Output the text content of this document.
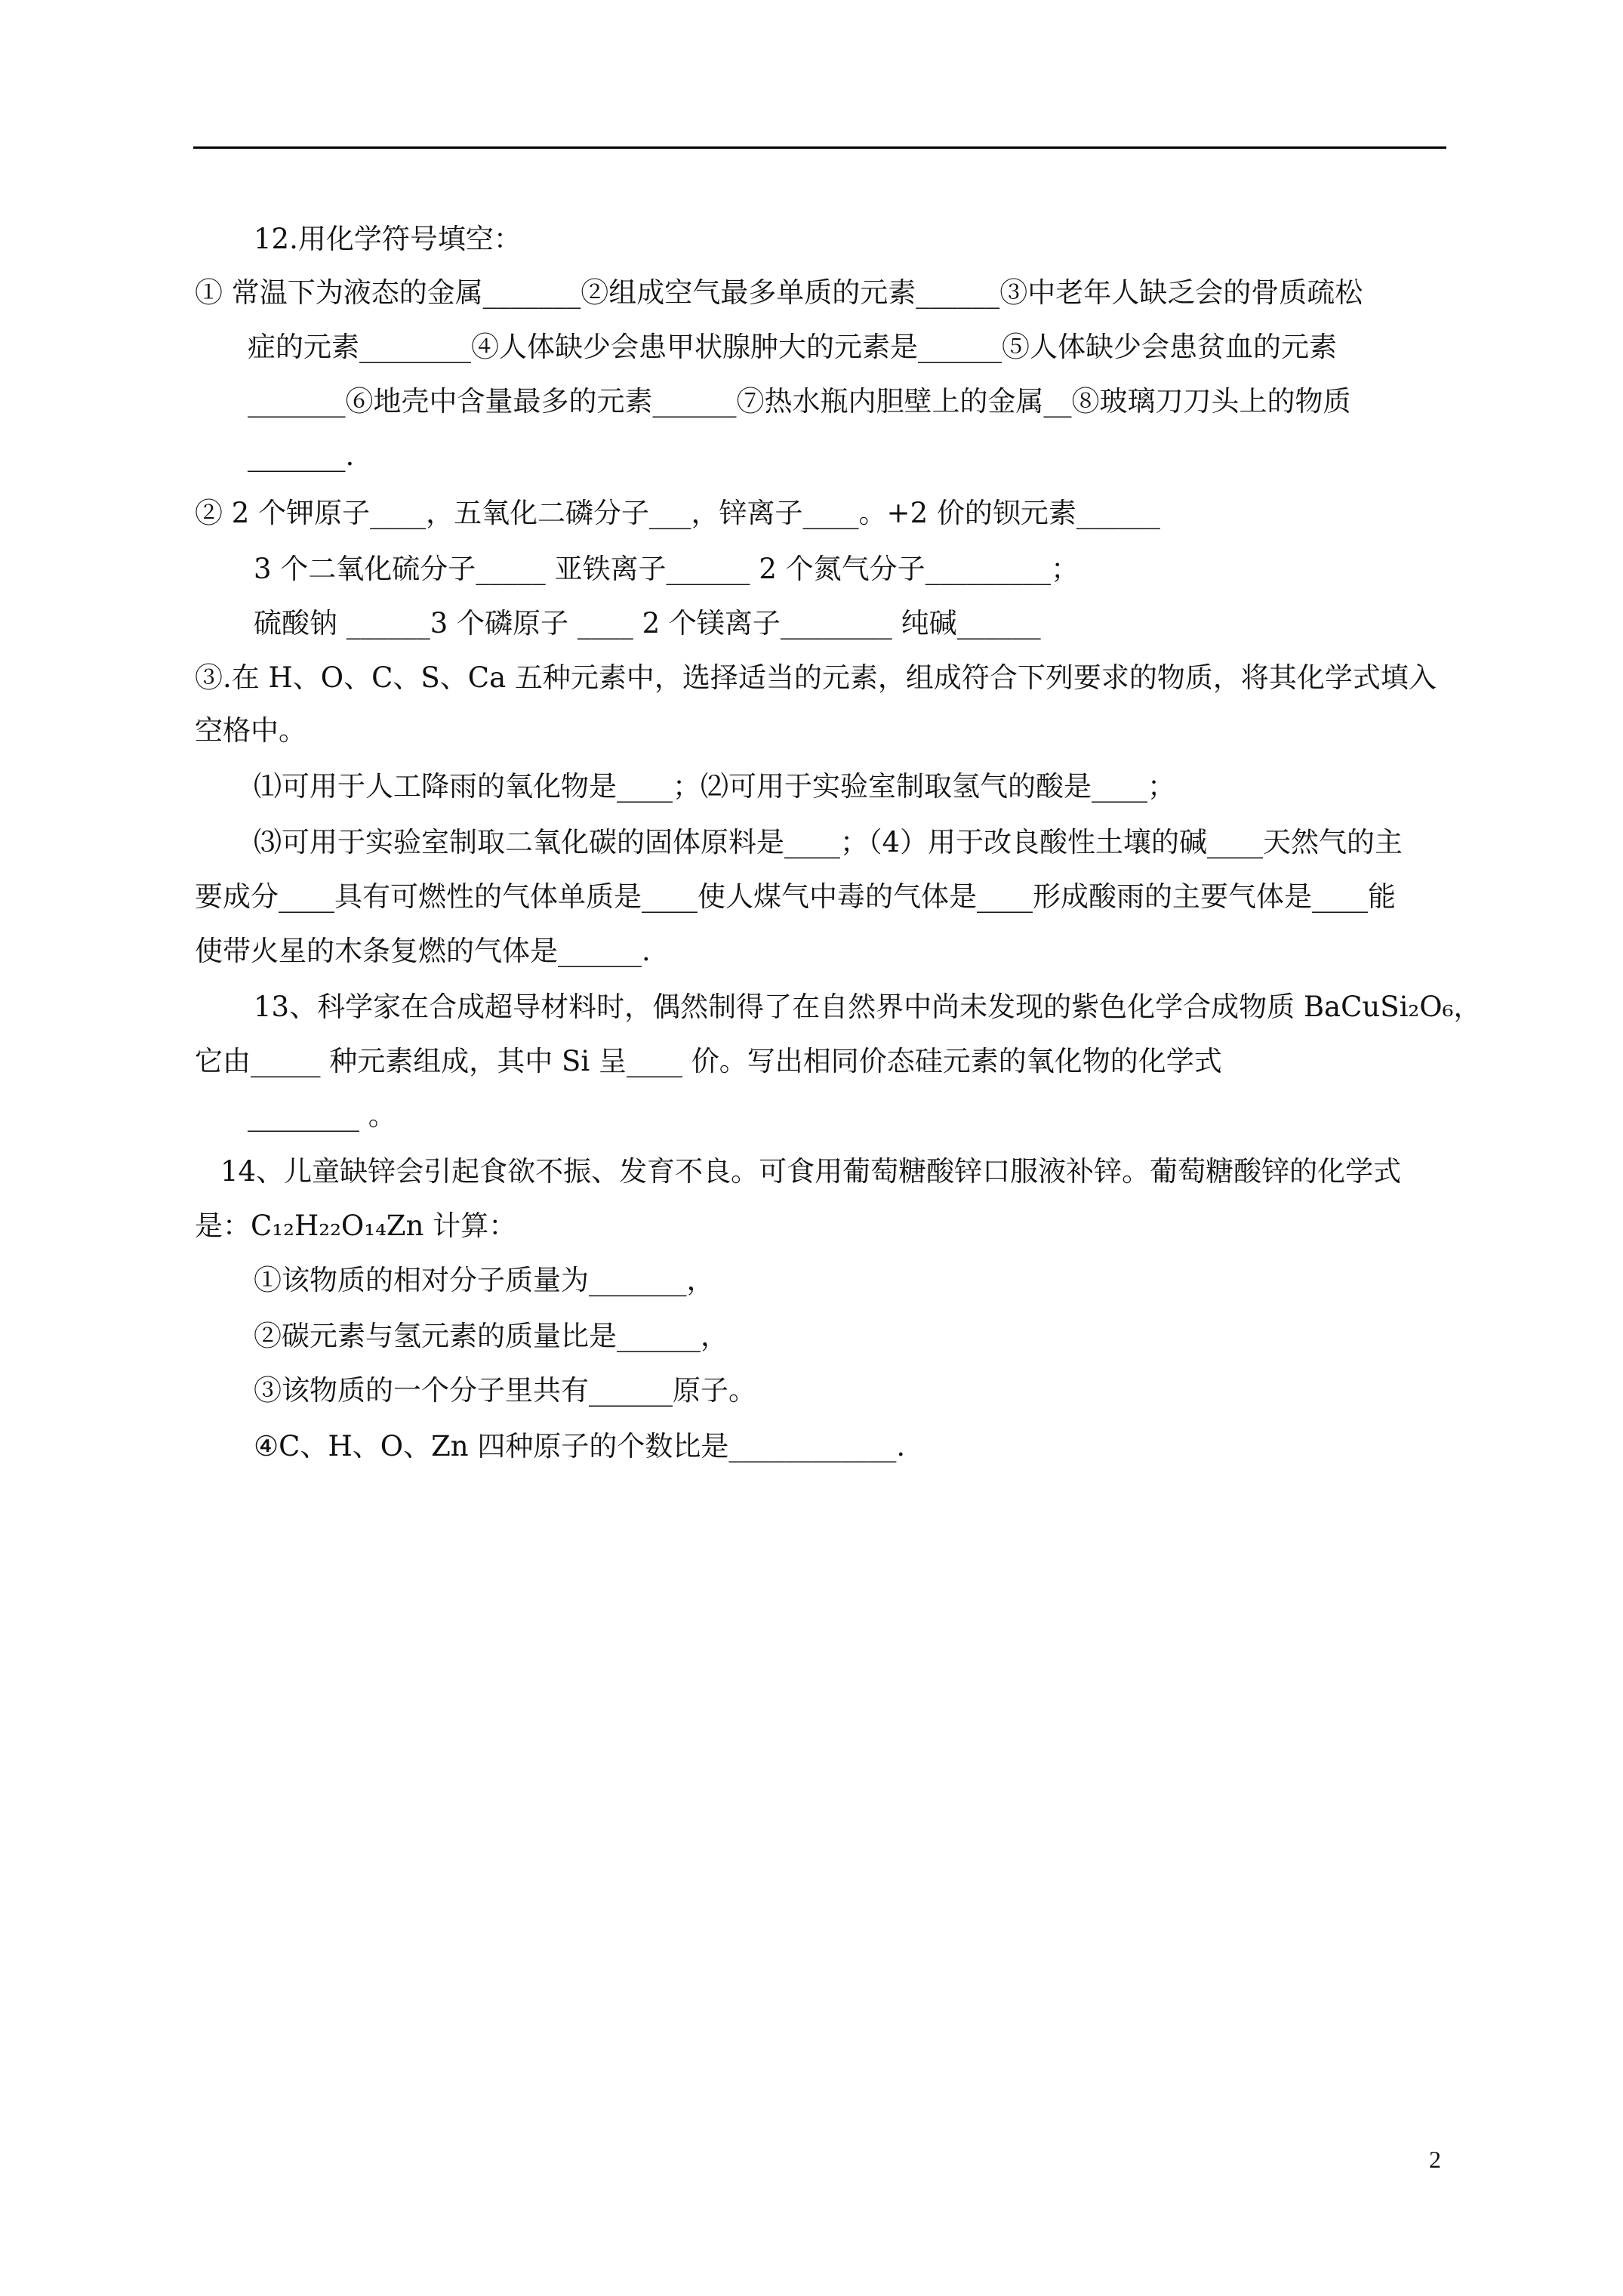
12.用化学符号填空：
① 常温下为液态的金属_______②组成空气最多单质的元素______③中老年人缺乏会的骨质疏松
症的元素________④人体缺少会患甲状腺肿大的元素是______⑤人体缺少会患贫血的元素
_______⑥地壳中含量最多的元素______⑦热水瓶内胆壁上的金属__⑧玻璃刀刀头上的物质
_______.
② 2 个钾原子____，五氧化二磷分子___，锌离子____。+2 价的钡元素______
3 个二氧化硫分子_____ 亚铁离子______ 2 个氮气分子_________；
硫酸钠 ______3 个磷原子 ____ 2 个镁离子________ 纯碱______
③.在 H、O、C、S、Ca 五种元素中，选择适当的元素，组成符合下列要求的物质，将其化学式填入
空格中。
⑴可用于人工降雨的氧化物是____；⑵可用于实验室制取氢气的酸是____；
⑶可用于实验室制取二氧化碳的固体原料是____；（4）用于改良酸性土壤的碱____天然气的主
要成分____具有可燃性的气体单质是____使人煤气中毒的气体是____形成酸雨的主要气体是____能
使带火星的木条复燃的气体是______.
13、科学家在合成超导材料时，偶然制得了在自然界中尚未发现的紫色化学合成物质 BaCuSi₂O₆，
它由_____ 种元素组成，其中 Si 呈____ 价。写出相同价态硅元素的氧化物的化学式
________ 。
14、儿童缺锌会引起食欲不振、发育不良。可食用葡萄糖酸锌口服液补锌。葡萄糖酸锌的化学式
是：C₁₂H₂₂O₁₄Zn 计算：
①该物质的相对分子质量为_______，
②碳元素与氢元素的质量比是______，
③该物质的一个分子里共有______原子。
④C、H、O、Zn 四种原子的个数比是____________.
2
